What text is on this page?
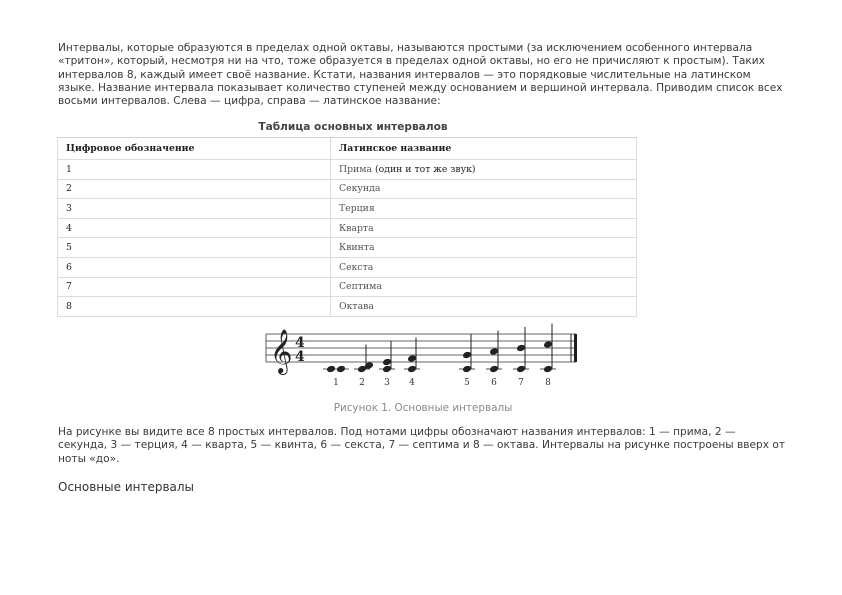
Интервалы, которые образуются в пределах одной октавы, называются простыми (за исключением особенного интервала «тритон», который, несмотря ни на что, тоже образуется в пределах одной октавы, но его не причисляют к простым). Таких интервалов 8, каждый имеет своё название. Кстати, названия интервалов — это порядковые числительные на латинском языке. Название интервала показывает количество ступеней между основанием и вершиной интервала. Приводим список всех восьми интервалов. Слева — цифра, справа — латинское название:

Таблица основных интервалов
Цифровое обозначение	Латинское название
1	Прима (один и тот же звук)
2	Секунда
3	Терция
4	Кварта
5	Квинта
6	Секста
7	Септима
8	Октава
𝄞 4
4
1 2 3 4	5 6 7 8
Рисунок 1. Основные интервалы

На рисунке вы видите все 8 простых интервалов. Под нотами цифры обозначают названия интервалов: 1 — прима, 2 — секунда, 3 — терция, 4 — кварта, 5 — квинта, 6 — секста, 7 — септима и 8 — октава. Интервалы на рисунке построены вверх от ноты «до».

Основные интервалы
